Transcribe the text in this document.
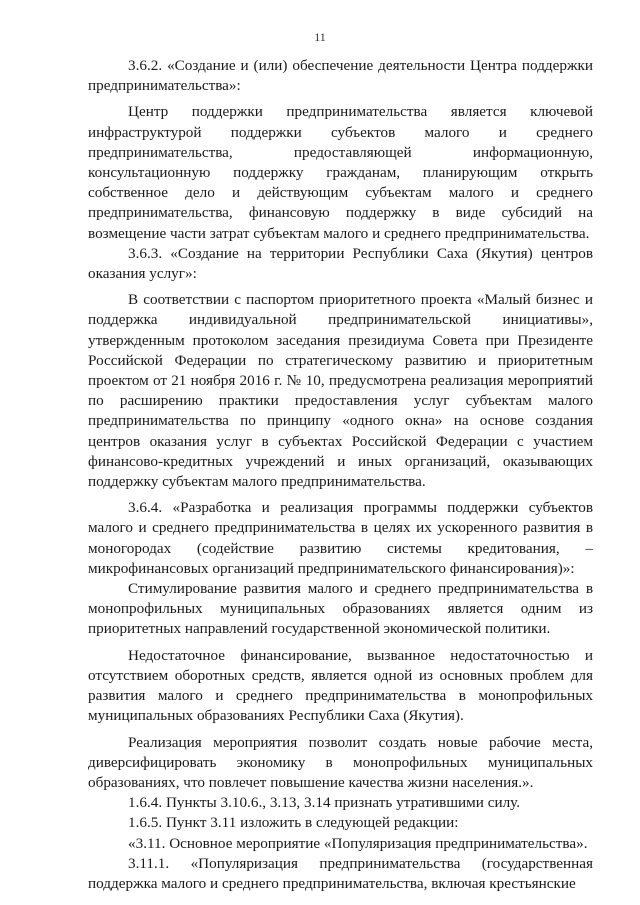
11

3.6.2. «Создание и (или) обеспечение деятельности Центра поддержки предпринимательства»:

Центр поддержки предпринимательства является ключевой инфраструктурой поддержки субъектов малого и среднего предпринимательства, предоставляющей информационную, консультационную поддержку гражданам, планирующим открыть собственное дело и действующим субъектам малого и среднего предпринимательства, финансовую поддержку в виде субсидий на возмещение части затрат субъектам малого и среднего предпринимательства.

3.6.3. «Создание на территории Республики Саха (Якутия) центров оказания услуг»:

В соответствии с паспортом приоритетного проекта «Малый бизнес и поддержка индивидуальной предпринимательской инициативы», утвержденным протоколом заседания президиума Совета при Президенте Российской Федерации по стратегическому развитию и приоритетным проектом от 21 ноября 2016 г. № 10, предусмотрена реализация мероприятий по расширению практики предоставления услуг субъектам малого предпринимательства по принципу «одного окна» на основе создания центров оказания услуг в субъектах Российской Федерации с участием финансово-кредитных учреждений и иных организаций, оказывающих поддержку субъектам малого предпринимательства.

3.6.4. «Разработка и реализация программы поддержки субъектов малого и среднего предпринимательства в целях их ускоренного развития в моногородах (содействие развитию системы кредитования, – микрофинансовых организаций предпринимательского финансирования)»:

Стимулирование развития малого и среднего предпринимательства в монопрофильных муниципальных образованиях является одним из приоритетных направлений государственной экономической политики.

Недостаточное финансирование, вызванное недостаточностью и отсутствием оборотных средств, является одной из основных проблем для развития малого и среднего предпринимательства в монопрофильных муниципальных образованиях Республики Саха (Якутия).

Реализация мероприятия позволит создать новые рабочие места, диверсифицировать экономику в монопрофильных муниципальных образованиях, что повлечет повышение качества жизни населения.».

1.6.4. Пункты 3.10.6., 3.13, 3.14 признать утратившими силу.

1.6.5. Пункт 3.11 изложить в следующей редакции:

«3.11. Основное мероприятие «Популяризация предпринимательства».

3.11.1. «Популяризация предпринимательства (государственная поддержка малого и среднего предпринимательства, включая крестьянские
